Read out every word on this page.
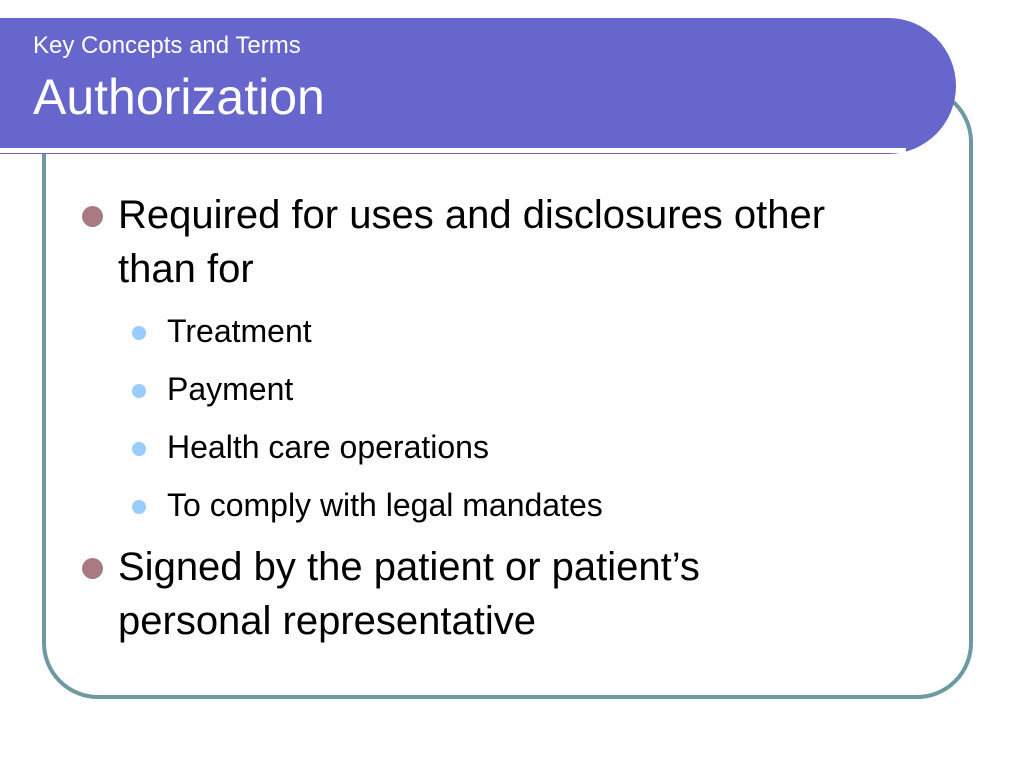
Key Concepts and Terms
Authorization
Required for uses and disclosures other than for
Treatment
Payment
Health care operations
To comply with legal mandates
Signed by the patient or patient’s personal representative
